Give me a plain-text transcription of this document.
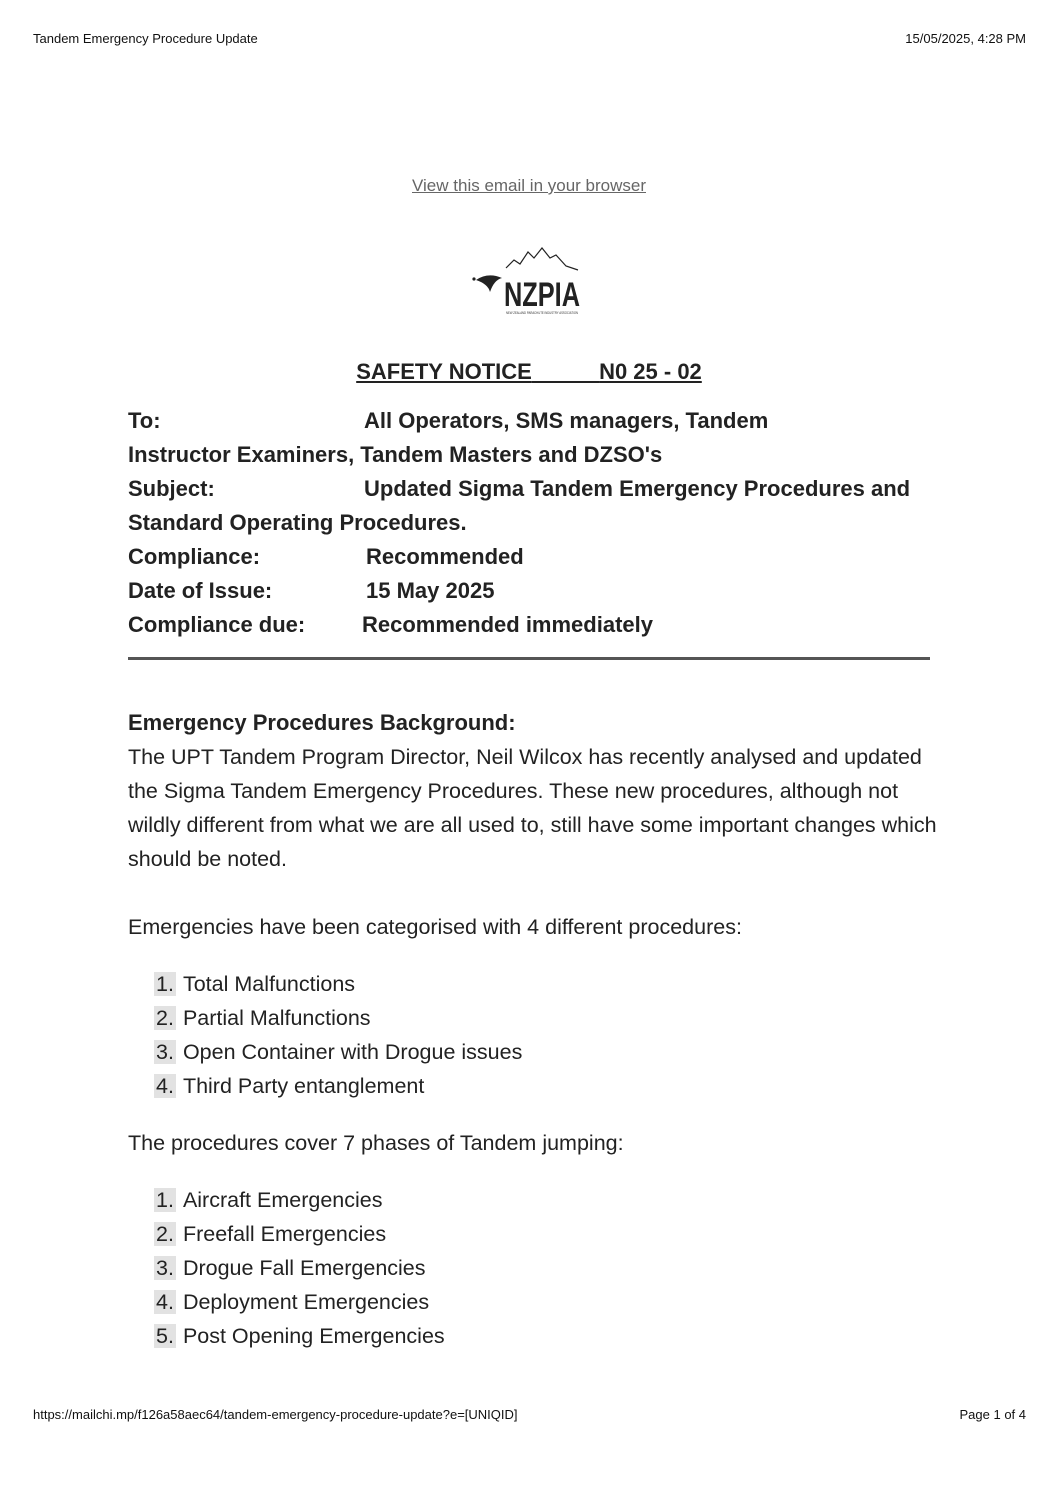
Tandem Emergency Procedure Update	15/05/2025, 4:28 PM
View this email in your browser
NZPIA
NEW ZEALAND PARACHUTE INDUSTRY ASSOCIATION
SAFETY NOTICE	N0 25 - 02
To:	All Operators, SMS managers, Tandem
Instructor Examiners, Tandem Masters and DZSO's
Subject:	Updated Sigma Tandem Emergency Procedures and
Standard Operating Procedures.
Compliance:	Recommended
Date of Issue:	15 May 2025
Compliance due:	Recommended immediately
Emergency Procedures Background:

The UPT Tandem Program Director, Neil Wilcox has recently analysed and updated the Sigma Tandem Emergency Procedures. These new procedures, although not wildly different from what we are all used to, still have some important changes which should be noted.

Emergencies have been categorised with 4 different procedures:

1. Total Malfunctions
2. Partial Malfunctions
3. Open Container with Drogue issues
4. Third Party entanglement

The procedures cover 7 phases of Tandem jumping:

1. Aircraft Emergencies
2. Freefall Emergencies
3. Drogue Fall Emergencies
4. Deployment Emergencies
5. Post Opening Emergencies
https://mailchi.mp/f126a58aec64/tandem-emergency-procedure-update?e=[UNIQID]	Page 1 of 4
